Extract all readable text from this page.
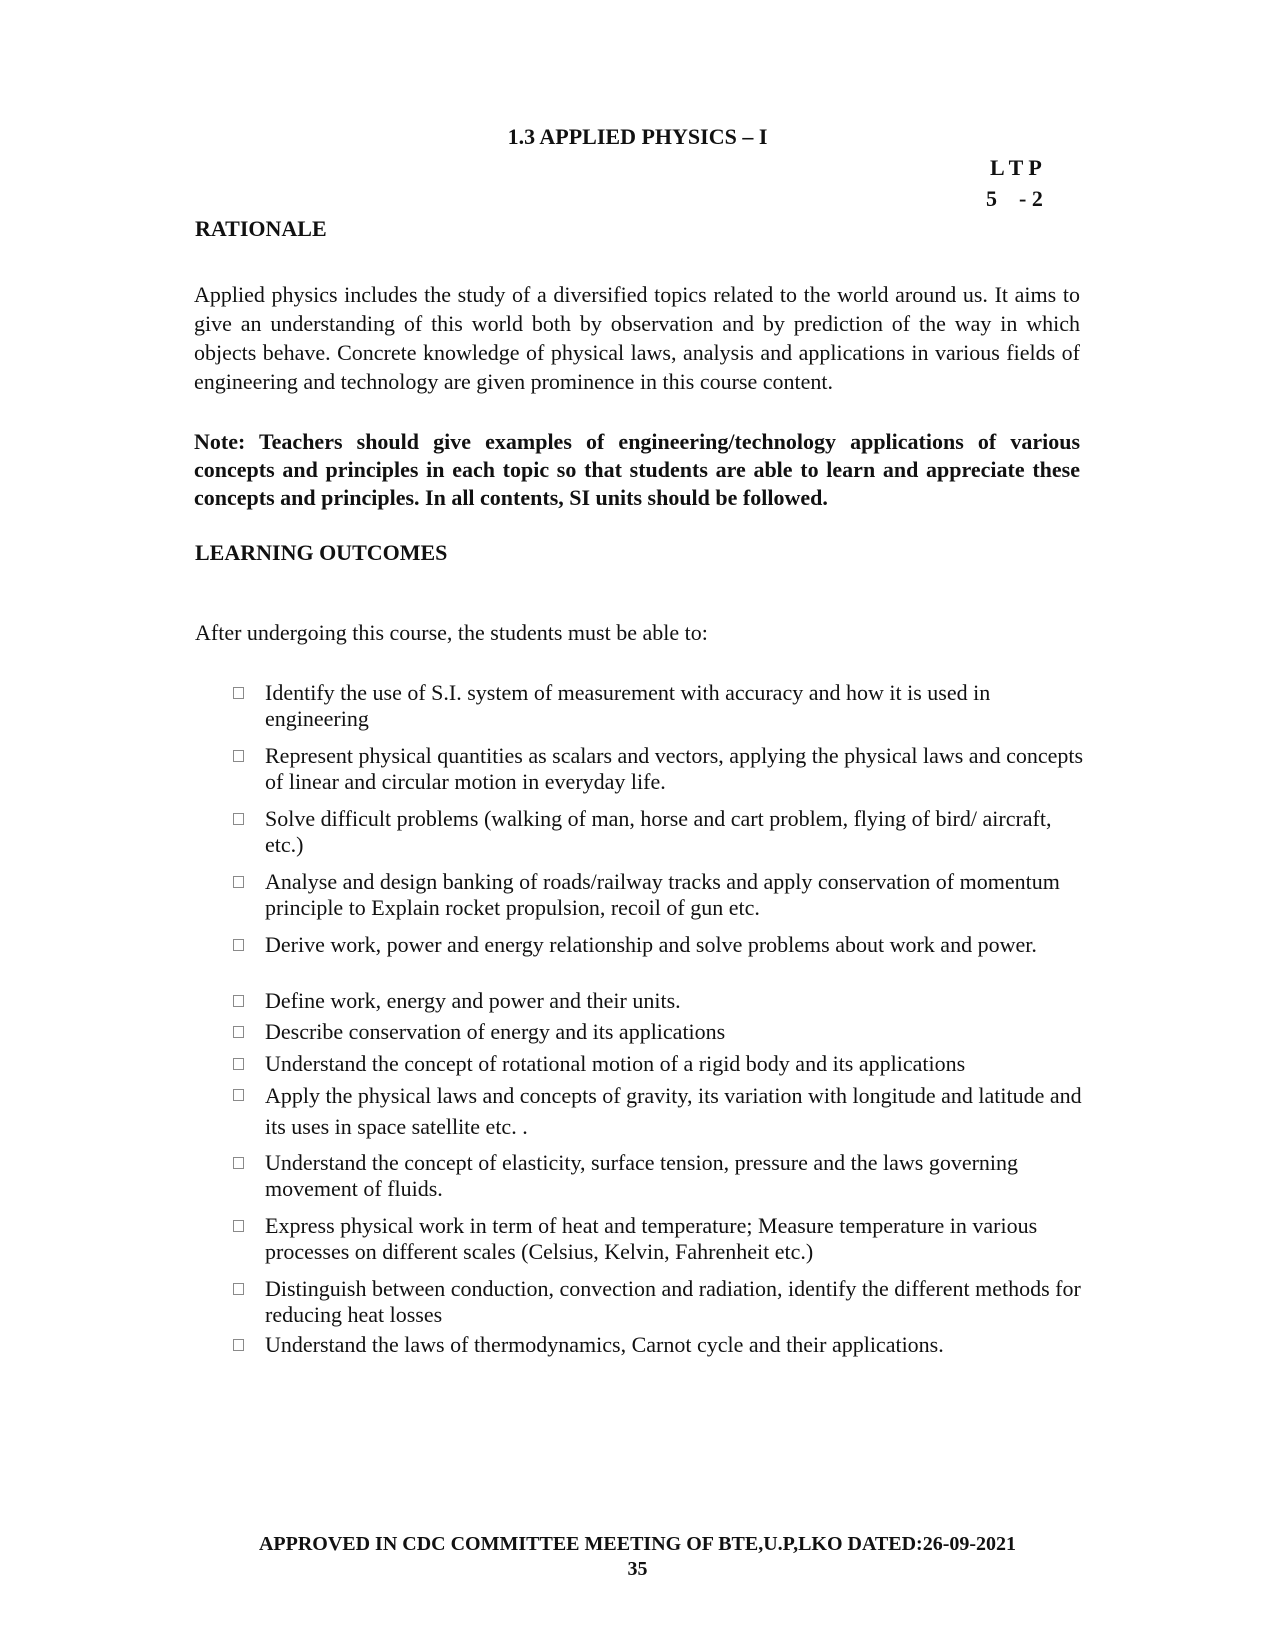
1.3 APPLIED PHYSICS – I
L T P
5    - 2
RATIONALE
Applied physics includes the study of a diversified topics related to the world around us. It aims to give an understanding of this world both by observation and by prediction of the way in which objects behave. Concrete knowledge of physical laws, analysis and applications in various fields of engineering and technology are given prominence in this course content.
Note: Teachers should give examples of engineering/technology applications of various concepts and principles in each topic so that students are able to learn and appreciate these concepts and principles. In all contents, SI units should be followed.
LEARNING OUTCOMES
After undergoing this course, the students must be able to:
Identify the use of S.I. system of measurement with accuracy and how it is used in engineering
Represent physical quantities as scalars and vectors, applying the physical laws and concepts of linear and circular motion in everyday life.
Solve difficult problems (walking of man, horse and cart problem, flying of bird/ aircraft, etc.)
Analyse and design banking of roads/railway tracks and apply conservation of momentum principle to Explain rocket propulsion, recoil of gun etc.
Derive work, power and energy relationship and solve problems about work and power.
Define work, energy and power and their units.
Describe conservation of energy and its applications
Understand the concept of rotational motion of a rigid body and its applications
Apply the physical laws and concepts of gravity, its variation with longitude and latitude and its uses in space satellite etc. .
Understand the concept of elasticity, surface tension, pressure and the laws governing movement of fluids.
Express physical work in term of heat and temperature; Measure temperature in various processes on different scales (Celsius, Kelvin, Fahrenheit etc.)
Distinguish between conduction, convection and radiation, identify the different methods for reducing heat losses
Understand the laws of thermodynamics, Carnot cycle and their applications.
APPROVED IN CDC COMMITTEE MEETING OF BTE,U.P,LKO DATED:26-09-2021
35
